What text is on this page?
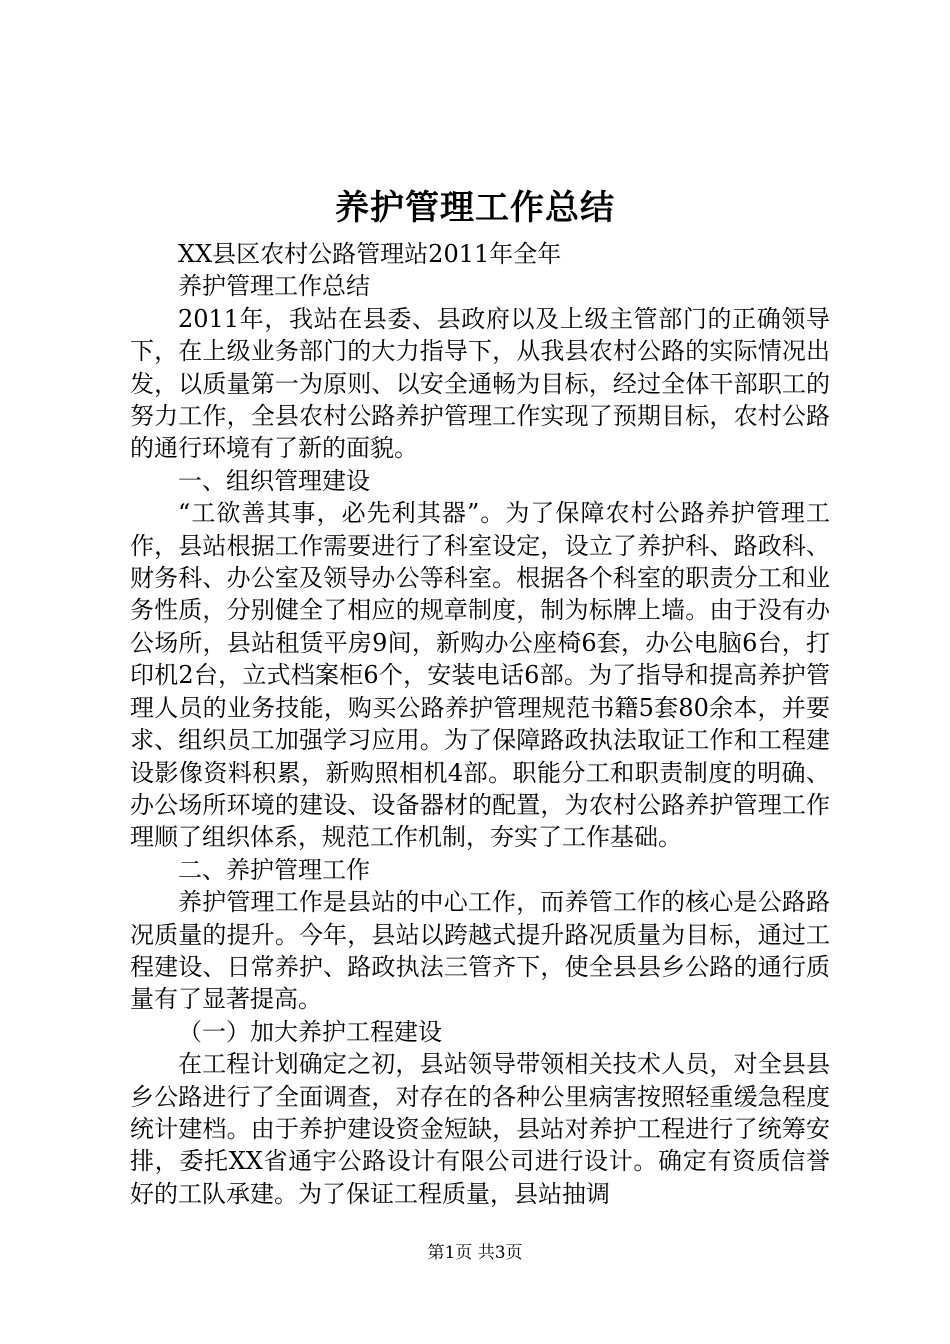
养护管理工作总结

XX县区农村公路管理站2011年全年

养护管理工作总结

2011年，我站在县委、县政府以及上级主管部门的正确领导下，在上级业务部门的大力指导下，从我县农村公路的实际情况出发，以质量第一为原则、以安全通畅为目标，经过全体干部职工的努力工作，全县农村公路养护管理工作实现了预期目标，农村公路的通行环境有了新的面貌。

一、组织管理建设

“工欲善其事，必先利其器”。为了保障农村公路养护管理工作，县站根据工作需要进行了科室设定，设立了养护科、路政科、财务科、办公室及领导办公等科室。根据各个科室的职责分工和业务性质，分别健全了相应的规章制度，制为标牌上墙。由于没有办公场所，县站租赁平房9间，新购办公座椅6套，办公电脑6台，打印机2台，立式档案柜6个，安装电话6部。为了指导和提高养护管理人员的业务技能，购买公路养护管理规范书籍5套80余本，并要求、组织员工加强学习应用。为了保障路政执法取证工作和工程建设影像资料积累，新购照相机4部。职能分工和职责制度的明确、办公场所环境的建设、设备器材的配置，为农村公路养护管理工作理顺了组织体系，规范工作机制，夯实了工作基础。

二、养护管理工作

养护管理工作是县站的中心工作，而养管工作的核心是公路路况质量的提升。今年，县站以跨越式提升路况质量为目标，通过工程建设、日常养护、路政执法三管齐下，使全县县乡公路的通行质量有了显著提高。

（一）加大养护工程建设

在工程计划确定之初，县站领导带领相关技术人员，对全县县乡公路进行了全面调查，对存在的各种公里病害按照轻重缓急程度统计建档。由于养护建设资金短缺，县站对养护工程进行了统筹安排，委托XX省通宇公路设计有限公司进行设计。确定有资质信誉好的工队承建。为了保证工程质量，县站抽调

第1页 共3页
